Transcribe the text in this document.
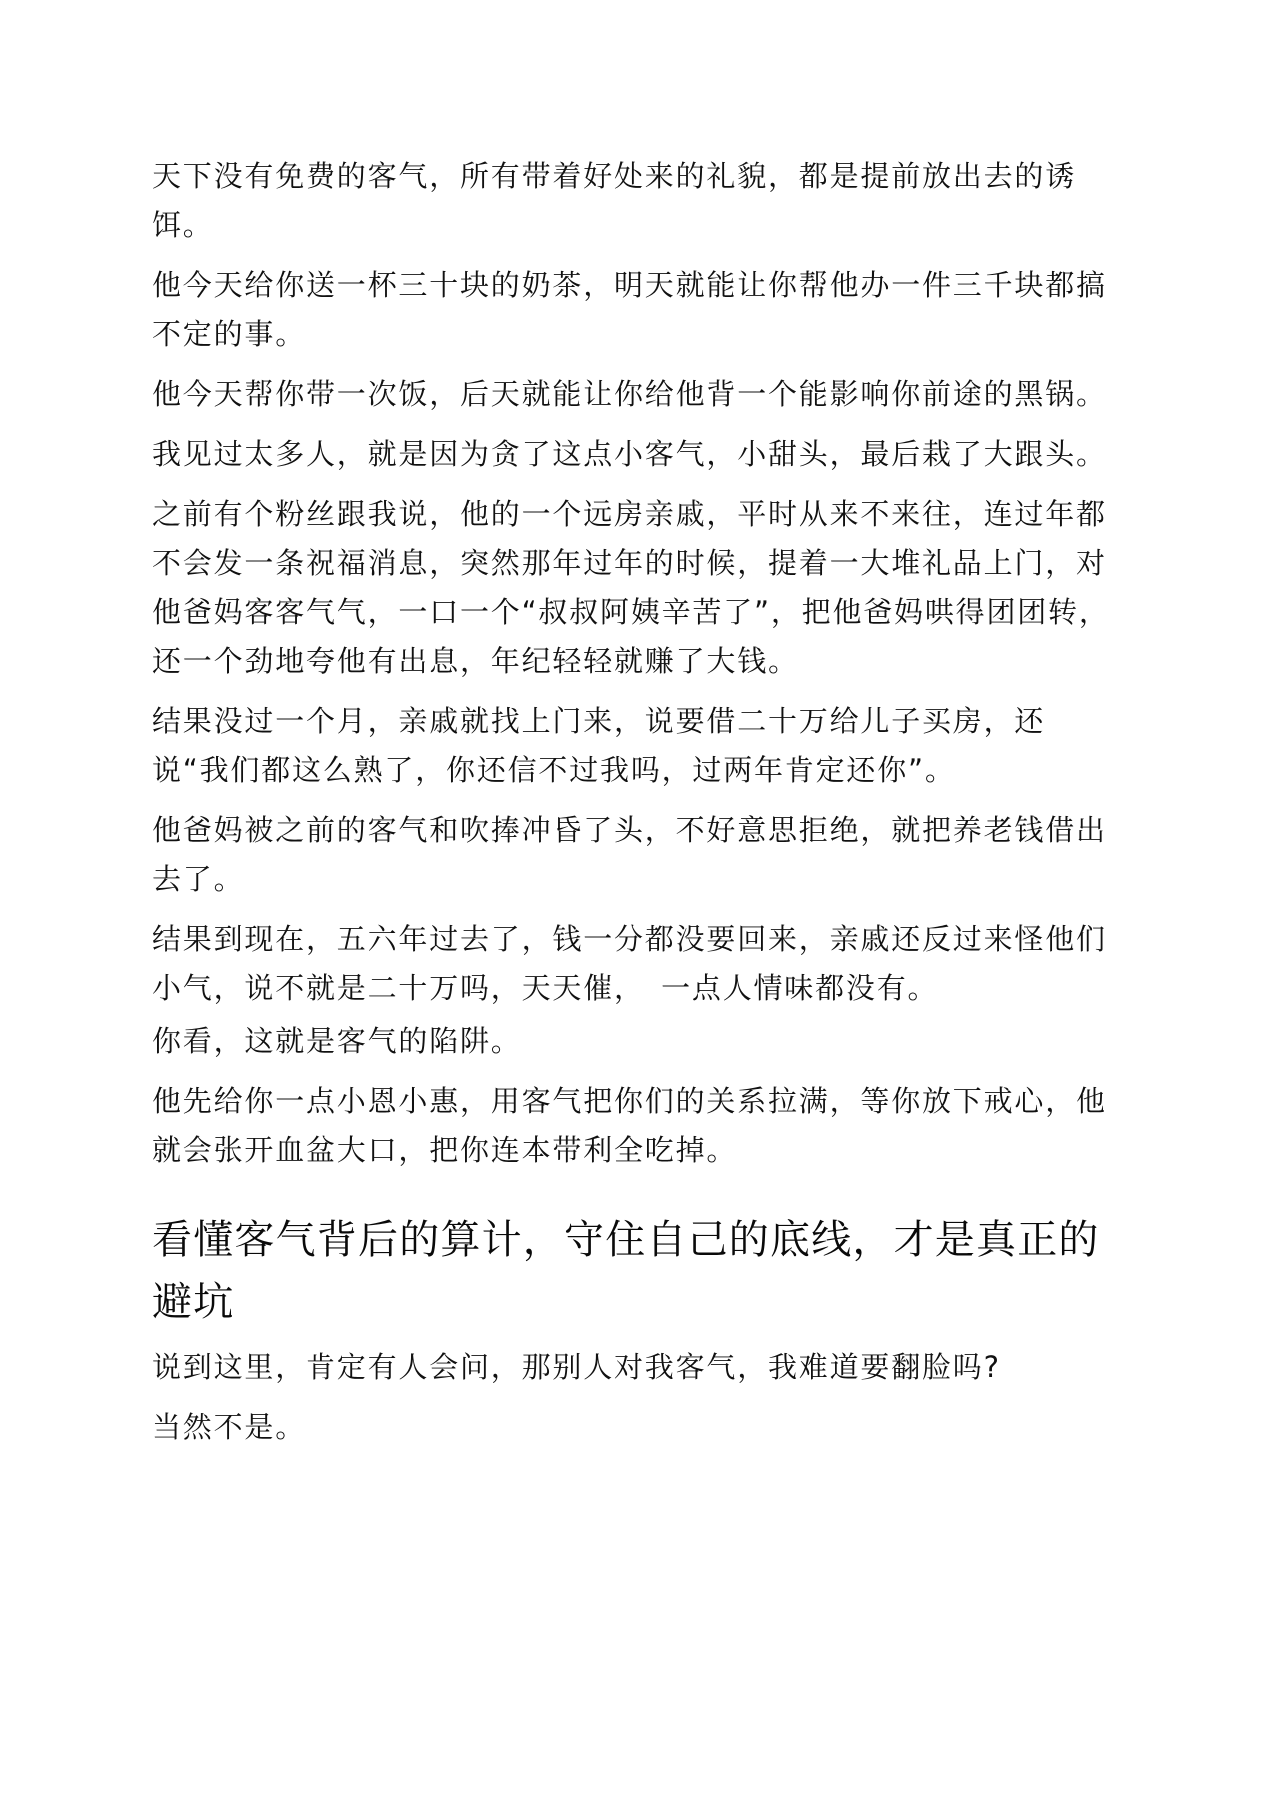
天下没有免费的客气，所有带着好处来的礼貌，都是提前放出去的诱饵。

他今天给你送一杯三十块的奶茶，明天就能让你帮他办一件三千块都搞不定的事。

他今天帮你带一次饭，后天就能让你给他背一个能影响你前途的黑锅。

我见过太多人，就是因为贪了这点小客气，小甜头，最后栽了大跟头。

之前有个粉丝跟我说，他的一个远房亲戚，平时从来不来往，连过年都不会发一条祝福消息，突然那年过年的时候，提着一大堆礼品上门，对他爸妈客客气气，一口一个“叔叔阿姨辛苦了”，把他爸妈哄得团团转，还一个劲地夸他有出息，年纪轻轻就赚了大钱。

结果没过一个月，亲戚就找上门来，说要借二十万给儿子买房，还说“我们都这么熟了，你还信不过我吗，过两年肯定还你”。

他爸妈被之前的客气和吹捧冲昏了头，不好意思拒绝，就把养老钱借出去了。

结果到现在，五六年过去了，钱一分都没要回来，亲戚还反过来怪他们小气，说不就是二十万吗，天天催，　一点人情味都没有。

你看，这就是客气的陷阱。

他先给你一点小恩小惠，用客气把你们的关系拉满，等你放下戒心，他就会张开血盆大口，把你连本带利全吃掉。

看懂客气背后的算计，守住自己的底线，才是真正的避坑

说到这里，肯定有人会问，那别人对我客气，我难道要翻脸吗?

当然不是。
